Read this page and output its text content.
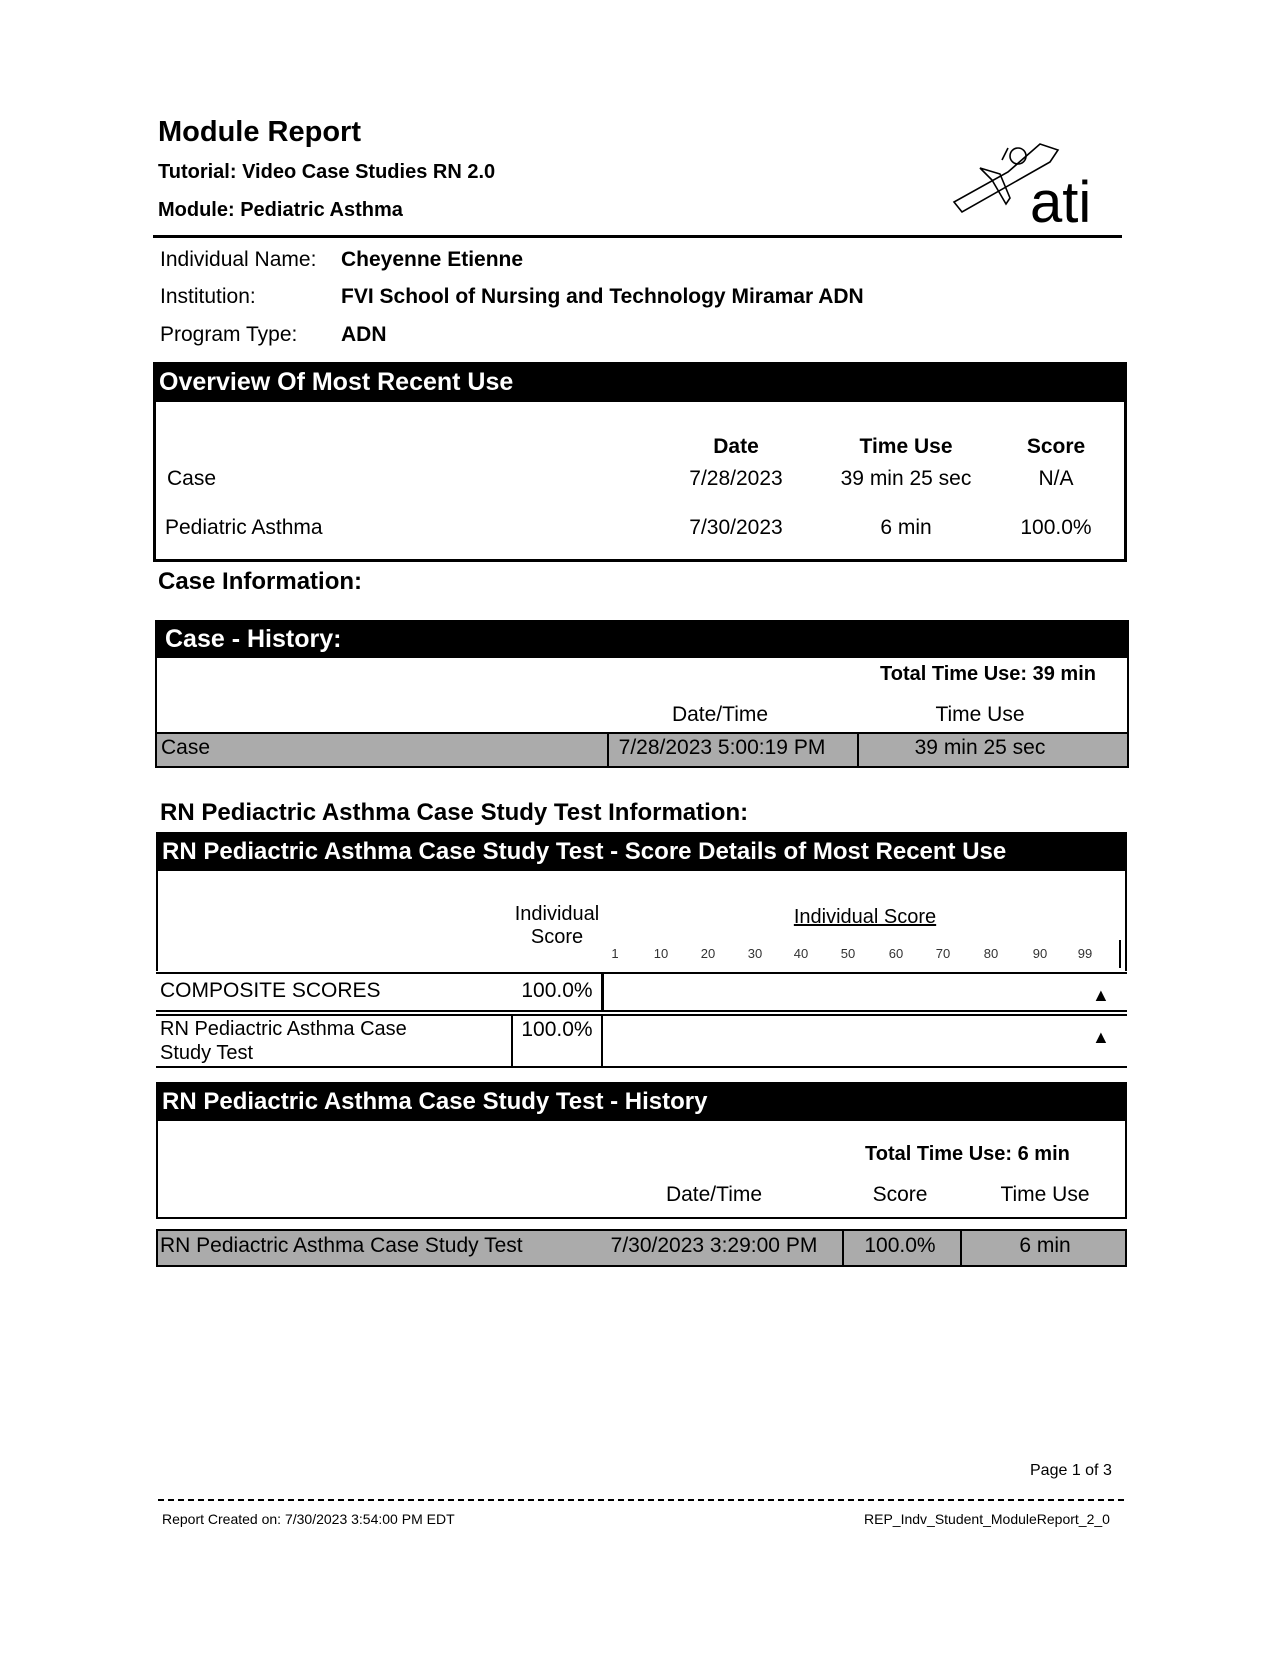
Module Report
Tutorial: Video Case Studies RN 2.0
Module: Pediatric Asthma	ati
Individual Name: Cheyenne Etienne
Institution:	FVI School of Nursing and Technology Miramar ADN
Program Type: ADN
Overview Of Most Recent Use
Date	Time Use	Score
Case	7/28/2023	39 min 25 sec	N/A
Pediatric Asthma	7/30/2023	6 min	100.0%
Case Information:
Case - History:
Total Time Use: 39 min
Date/Time	Time Use
Case	7/28/2023 5:00:19 PM	39 min 25 sec
RN Pediactric Asthma Case Study Test Information:
RN Pediactric Asthma Case Study Test - Score Details of Most Recent Use
Individual
Score
Individual Score
1	10	20	30	40	50	60	70	80	90	99
COMPOSITE SCORES	100.0%	▲
RN Pediactric Asthma Case
Study Test
100.0%	▲
RN Pediactric Asthma Case Study Test - History
Total Time Use: 6 min
Date/Time	Score	Time Use
RN Pediactric Asthma Case Study Test	7/30/2023 3:29:00 PM	100.0%	6 min
Page 1 of 3
Report Created on: 7/30/2023 3:54:00 PM EDT	REP_Indv_Student_ModuleReport_2_0
